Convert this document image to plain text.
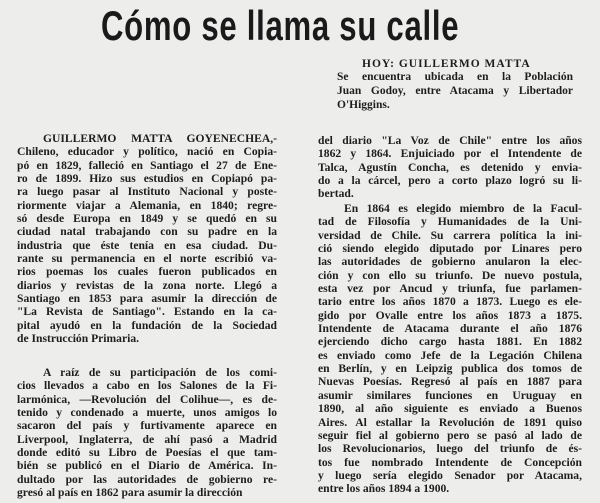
Cómo se llama su calle
HOY: GUILLERMO MATTA
Se encuentra ubicada en la Población
Juan Godoy, entre Atacama y Libertador
O'Higgins.
GUILLERMO MATTA GOYENECHEA,-
Chileno, educador y político, nació en Copia-
pó en 1829, falleció en Santiago el 27 de Ene-
ro de 1899. Hizo sus estudios en Copiapó pa-
ra luego pasar al Instituto Nacional y poste-
riormente viajar a Alemania, en 1840; regre-
só desde Europa en 1849 y se quedó en su
ciudad natal trabajando con su padre en la
industria que éste tenía en esa ciudad. Du-
rante su permanencia en el norte escribió va-
rios poemas los cuales fueron publicados en
diarios y revistas de la zona norte. Llegó a
Santiago en 1853 para asumir la dirección de
"La Revista de Santiago". Estando en la ca-
pital ayudó en la fundación de la Sociedad
de Instrucción Primaria.
A raíz de su participación de los comi-
cios llevados a cabo en los Salones de la Fi-
larmónica, —Revolución del Colihue—, es de-
tenido y condenado a muerte, unos amigos lo
sacaron del país y furtivamente aparece en
Liverpool, Inglaterra, de ahí pasó a Madrid
donde editó su Libro de Poesías el que tam-
bién se publicó en el Diario de América. In-
dultado por las autoridades de gobierno re-
gresó al país en 1862 para asumir la dirección
del diario "La Voz de Chile" entre los años
1862 y 1864. Enjuiciado por el Intendente de
Talca, Agustín Concha, es detenido y envia-
do a la cárcel, pero a corto plazo logró su li-
bertad.
En 1864 es elegido miembro de la Facul-
tad de Filosofía y Humanidades de la Uni-
versidad de Chile. Su carrera política la ini-
ció siendo elegido diputado por Linares pero
las autoridades de gobierno anularon la elec-
ción y con ello su triunfo. De nuevo postula,
esta vez por Ancud y triunfa, fue parlamen-
tario entre los años 1870 a 1873. Luego es ele-
gido por Ovalle entre los años 1873 a 1875.
Intendente de Atacama durante el año 1876
ejerciendo dicho cargo hasta 1881. En 1882
es enviado como Jefe de la Legación Chilena
en Berlín, y en Leipzig publica dos tomos de
Nuevas Poesías. Regresó al país en 1887 para
asumir similares funciones en Uruguay en
1890, al año siguiente es enviado a Buenos
Aires. Al estallar la Revolución de 1891 quiso
seguir fiel al gobierno pero se pasó al lado de
los Revolucionarios, luego del triunfo de és-
tos fue nombrado Intendente de Concepción
y luego sería elegido Senador por Atacama,
entre los años 1894 a 1900.
